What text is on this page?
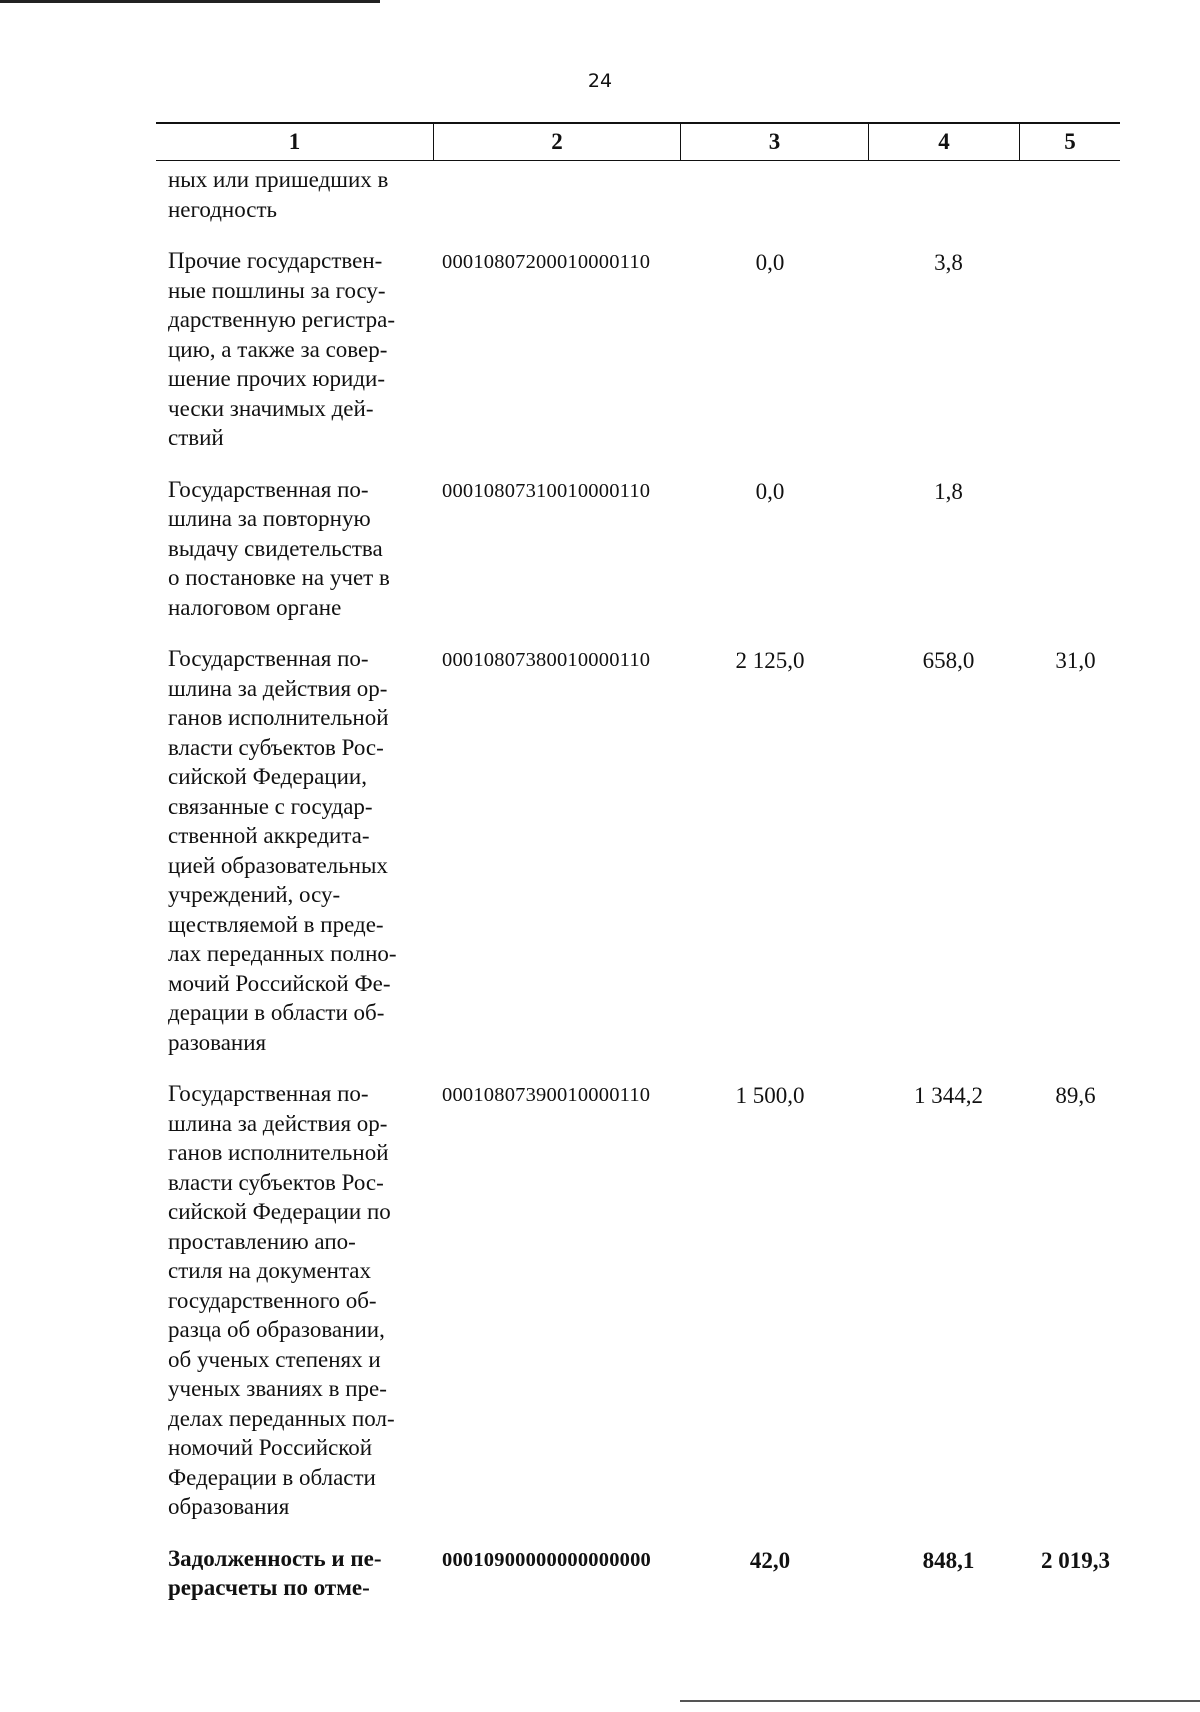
24
1	2	3	4	5
ных или пришедших в
негодность
Прочие государствен-
ные пошлины за госу-
дарственную регистра-
цию, а также за совер-
шение прочих юриди-
чески значимых дей-
ствий
00010807200010000110	0,0	3,8
Государственная по-
шлина за повторную
выдачу свидетельства
о постановке на учет в
налоговом органе
00010807310010000110	0,0	1,8
Государственная по-
шлина за действия ор-
ганов исполнительной
власти субъектов Рос-
сийской Федерации,
связанные с государ-
ственной аккредита-
цией образовательных
учреждений, осу-
ществляемой в преде-
лах переданных полно-
мочий Российской Фе-
дерации в области об-
разования
00010807380010000110	2 125,0	658,0	31,0
Государственная по-
шлина за действия ор-
ганов исполнительной
власти субъектов Рос-
сийской Федерации по
проставлению апо-
стиля на документах
государственного об-
разца об образовании,
об ученых степенях и
ученых званиях в пре-
делах переданных пол-
номочий Российской
Федерации в области
образования
00010807390010000110	1 500,0	1 344,2	89,6
Задолженность и пе-
рерасчеты по отме-
00010900000000000000	42,0	848,1	2 019,3
